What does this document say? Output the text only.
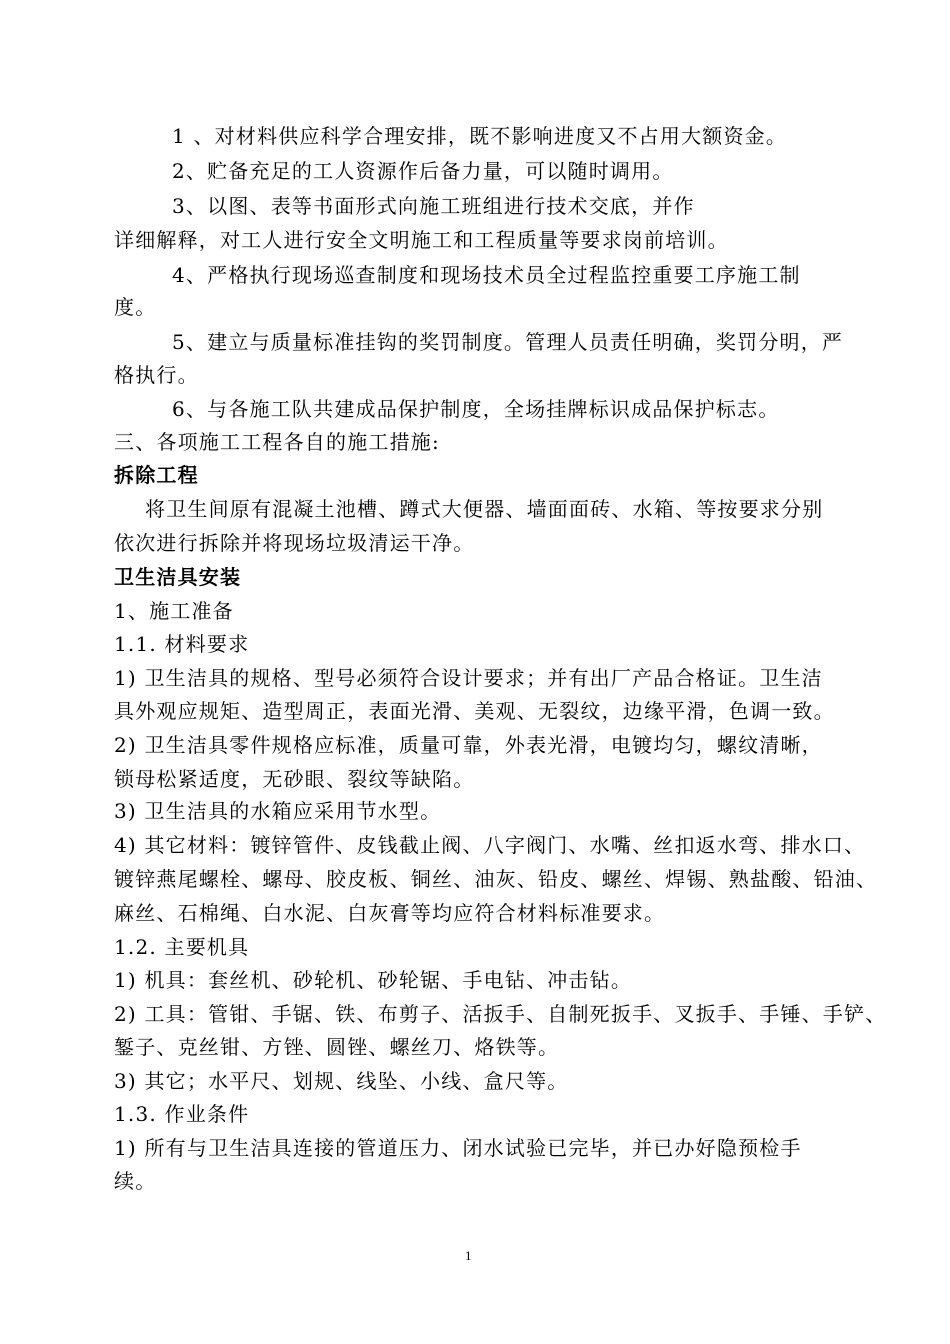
1 、对材料供应科学合理安排，既不影响进度又不占用大额资金。
2、贮备充足的工人资源作后备力量，可以随时调用。
3、以图、表等书面形式向施工班组进行技术交底，并作
详细解释，对工人进行安全文明施工和工程质量等要求岗前培训。
4、严格执行现场巡查制度和现场技术员全过程监控重要工序施工制
度。
5、建立与质量标准挂钩的奖罚制度。管理人员责任明确，奖罚分明，严
格执行。
6、与各施工队共建成品保护制度，全场挂牌标识成品保护标志。
三、各项施工工程各自的施工措施:
拆除工程
将卫生间原有混凝土池槽、蹲式大便器、墙面面砖、水箱、等按要求分别
依次进行拆除并将现场垃圾清运干净。
卫生洁具安装
1、施工准备
1.1. 材料要求
1) 卫生洁具的规格、型号必须符合设计要求；并有出厂产品合格证。卫生洁
具外观应规矩、造型周正，表面光滑、美观、无裂纹，边缘平滑，色调一致。
2) 卫生洁具零件规格应标准，质量可靠，外表光滑，电镀均匀，螺纹清晰，
锁母松紧适度，无砂眼、裂纹等缺陷。
3) 卫生洁具的水箱应采用节水型。
4) 其它材料：镀锌管件、皮钱截止阀、八字阀门、水嘴、丝扣返水弯、排水口、
镀锌燕尾螺栓、螺母、胶皮板、铜丝、油灰、铅皮、螺丝、焊锡、熟盐酸、铅油、
麻丝、石棉绳、白水泥、白灰膏等均应符合材料标准要求。
1.2. 主要机具
1) 机具：套丝机、砂轮机、砂轮锯、手电钻、冲击钻。
2) 工具：管钳、手锯、铁、布剪子、活扳手、自制死扳手、叉扳手、手锤、手铲、
錾子、克丝钳、方锉、圆锉、螺丝刀、烙铁等。
3) 其它；水平尺、划规、线坠、小线、盒尺等。
1.3. 作业条件
1) 所有与卫生洁具连接的管道压力、闭水试验已完毕，并已办好隐预检手
续。
1
